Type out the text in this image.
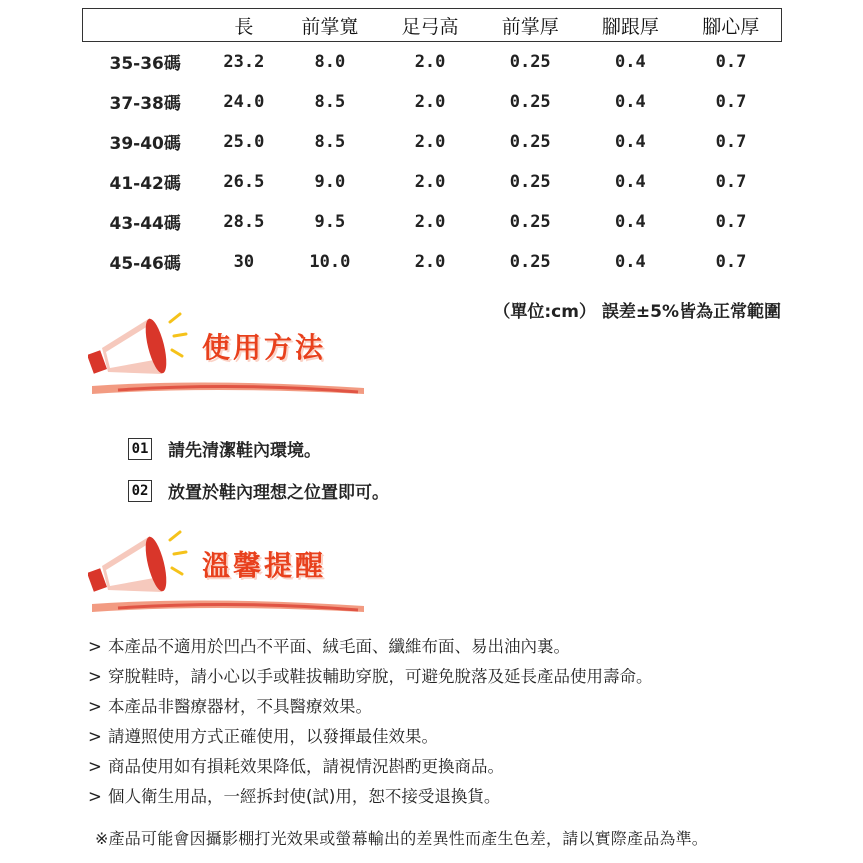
	長	前掌寬	足弓高	前掌厚	腳跟厚	腳心厚
35-36碼	23.2	8.0	2.0	0.25	0.4	0.7
37-38碼	24.0	8.5	2.0	0.25	0.4	0.7
39-40碼	25.0	8.5	2.0	0.25	0.4	0.7
41-42碼	26.5	9.0	2.0	0.25	0.4	0.7
43-44碼	28.5	9.5	2.0	0.25	0.4	0.7
45-46碼	30	10.0	2.0	0.25	0.4	0.7
（單位:cm） 誤差±5%皆為正常範圍
使用方法
01 請先清潔鞋內環境。
02 放置於鞋內理想之位置即可。
溫馨提醒
> 本產品不適用於凹凸不平面、絨毛面、纖維布面、易出油內裏。
> 穿脫鞋時，請小心以手或鞋拔輔助穿脫，可避免脫落及延長產品使用壽命。
> 本產品非醫療器材，不具醫療效果。
> 請遵照使用方式正確使用，以發揮最佳效果。
> 商品使用如有損耗效果降低，請視情況斟酌更換商品。
> 個人衛生用品，一經拆封使(試)用，恕不接受退換貨。
※產品可能會因攝影棚打光效果或螢幕輸出的差異性而產生色差，請以實際產品為準。
